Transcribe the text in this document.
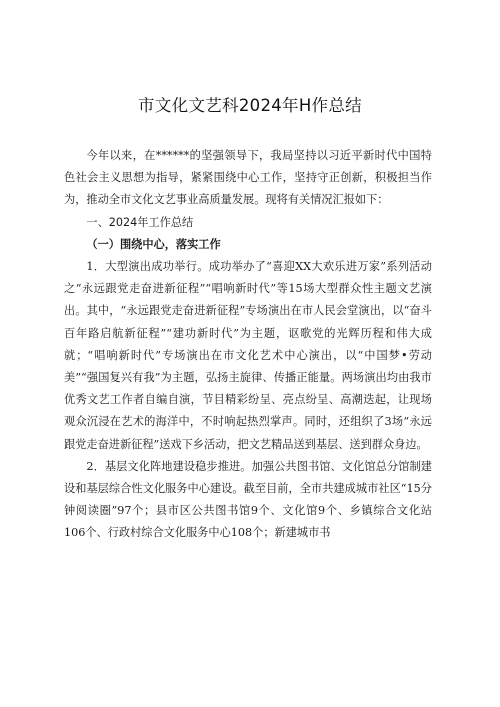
市文化文艺科2024年H作总结

今年以来，在******的坚强领导下，我局坚持以习近平新时代中国特色社会主义思想为指导，紧紧围绕中心工作，坚持守正创新，积极担当作为，推动全市文化文艺事业高质量发展。现将有关情况汇报如下：

一、2024年工作总结

（一）围绕中心，落实工作

1．大型演出成功举行。成功举办了“喜迎XX大欢乐进万家”系列活动之“永远跟党走奋进新征程”“唱响新时代”等15场大型群众性主题文艺演出。其中，“永远跟党走奋进新征程”专场演出在市人民会堂演出，以“奋斗百年路启航新征程”“建功新时代”为主题，讴歌党的光辉历程和伟大成就；“唱响新时代”专场演出在市文化艺术中心演出，以“中国梦•劳动美”“强国复兴有我”为主题，弘扬主旋律、传播正能量。两场演出均由我市优秀文艺工作者自编自演，节目精彩纷呈、亮点纷呈、高潮迭起，让现场观众沉浸在艺术的海洋中，不时响起热烈掌声。同时，还组织了3场“永远跟党走奋进新征程”送戏下乡活动，把文艺精品送到基层、送到群众身边。

2．基层文化阵地建设稳步推进。加强公共图书馆、文化馆总分馆制建设和基层综合性文化服务中心建设。截至目前，全市共建成城市社区“15分钟阅读圈”97个；县市区公共图书馆9个、文化馆9个、乡镇综合文化站106个、行政村综合文化服务中心108个；新建城市书
